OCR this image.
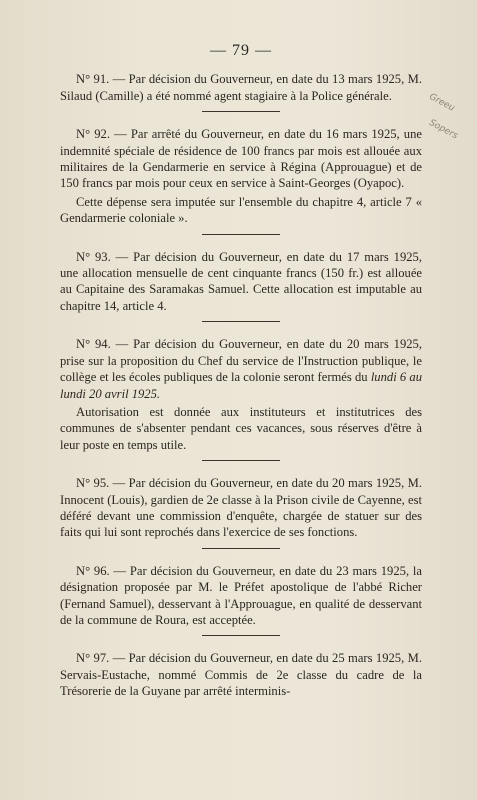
Greeu
Sopers
— 79 —

N° 91. — Par décision du Gouverneur, en date du 13 mars 1925, M. Silaud (Camille) a été nommé agent stagiaire à la Police générale.

N° 92. — Par arrêté du Gouverneur, en date du 16 mars 1925, une indemnité spéciale de résidence de 100 francs par mois est allouée aux militaires de la Gendarmerie en service à Régina (Approuague) et de 150 francs par mois pour ceux en service à Saint-Georges (Oyapoc).

Cette dépense sera imputée sur l'ensemble du chapitre 4, article 7 « Gendarmerie coloniale ».

N° 93. — Par décision du Gouverneur, en date du 17 mars 1925, une allocation mensuelle de cent cinquante francs (150 fr.) est allouée au Capitaine des Saramakas Samuel. Cette allocation est imputable au chapitre 14, article 4.

N° 94. — Par décision du Gouverneur, en date du 20 mars 1925, prise sur la proposition du Chef du service de l'Instruction publique, le collège et les écoles publiques de la colonie seront fermés du lundi 6 au lundi 20 avril 1925.

Autorisation est donnée aux instituteurs et institutrices des communes de s'absenter pendant ces vacances, sous réserves d'être à leur poste en temps utile.

N° 95. — Par décision du Gouverneur, en date du 20 mars 1925, M. Innocent (Louis), gardien de 2e classe à la Prison civile de Cayenne, est déféré devant une commission d'enquête, chargée de statuer sur des faits qui lui sont reprochés dans l'exercice de ses fonctions.

N° 96. — Par décision du Gouverneur, en date du 23 mars 1925, la désignation proposée par M. le Préfet apostolique de l'abbé Richer (Fernand Samuel), desservant à l'Approuague, en qualité de desservant de la commune de Roura, est acceptée.

N° 97. — Par décision du Gouverneur, en date du 25 mars 1925, M. Servais-Eustache, nommé Commis de 2e classe du cadre de la Trésorerie de la Guyane par arrêté interminis-
